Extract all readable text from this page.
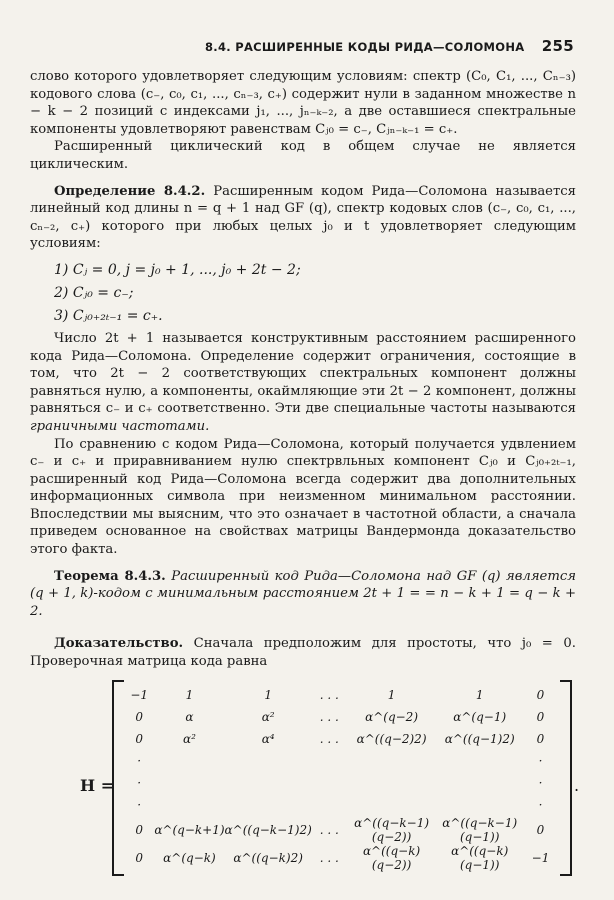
8.4. РАСШИРЕННЫЕ КОДЫ РИДА—СОЛОМОНА 255

слово которого удовлетворяет следующим условиям: спектр (C₀, C₁, ..., Cₙ₋₃) кодового слова (c₋, c₀, c₁, ..., cₙ₋₃, c₊) содержит нули в заданном множестве n − k − 2 позиций с индексами j₁, ..., jₙ₋ₖ₋₂, а две оставшиеся спектральные компоненты удовлетворяют равенствам Cⱼ₀ = c₋, Cⱼₙ₋ₖ₋₁ = c₊.

Расширенный циклический код в общем случае не является циклическим.

Определение 8.4.2. Расширенным кодом Рида—Соломона называется линейный код длины n = q + 1 над GF (q), спектр кодовых слов (c₋, c₀, c₁, ..., cₙ₋₂, c₊) которого при любых целых j₀ и t удовлетворяет следующим условиям:

1) Cⱼ = 0, j = j₀ + 1, ..., j₀ + 2t − 2;
2) Cⱼ₀ = c₋;
3) Cⱼ₀₊₂ₜ₋₁ = c₊.

Число 2t + 1 называется конструктивным расстоянием расширенного кода Рида—Соломона. Определение содержит ограничения, состоящие в том, что 2t − 2 соответствующих спектральных компонент должны равняться нулю, а компоненты, окаймляющие эти 2t − 2 компонент, должны равняться c₋ и c₊ соответственно. Эти две специальные частоты называются граничными частотами.

По сравнению с кодом Рида—Соломона, который получается удвлением c₋ и c₊ и приравниванием нулю спектрвльных компонент Cⱼ₀ и Cⱼ₀₊₂ₜ₋₁, расширенный код Рида—Соломона всегда содержит два дополнительных информационных символа при неизменном минимальном расстоянии. Впоследствии мы выясним, что это означает в частотной области, а сначала приведем основанное на свойствах матрицы Вандермонда доказательство этого факта.

Теорема 8.4.3. Расширенный код Рида—Соломона над GF (q) является (q + 1, k)-кодом с минимальным расстоянием 2t + 1 = = n − k + 1 = q − k + 2.

Доказательство. Сначала предположим для простоты, что j₀ = 0. Проверочная матрица кода равна

H =
−1	1	1	. . .	1	1	0
0	α	α²	. . .	α^(q−2)	α^(q−1)	0
0	α²	α⁴	. . .	α^((q−2)2)	α^((q−1)2)	0
·						·
·						·
·						·
0	α^(q−k+1)	α^((q−k−1)2)	. . .	α^((q−k−1)(q−2))	α^((q−k−1)(q−1))	0
0	α^(q−k)	α^((q−k)2)	. . .	α^((q−k)(q−2))	α^((q−k)(q−1))	−1
.
